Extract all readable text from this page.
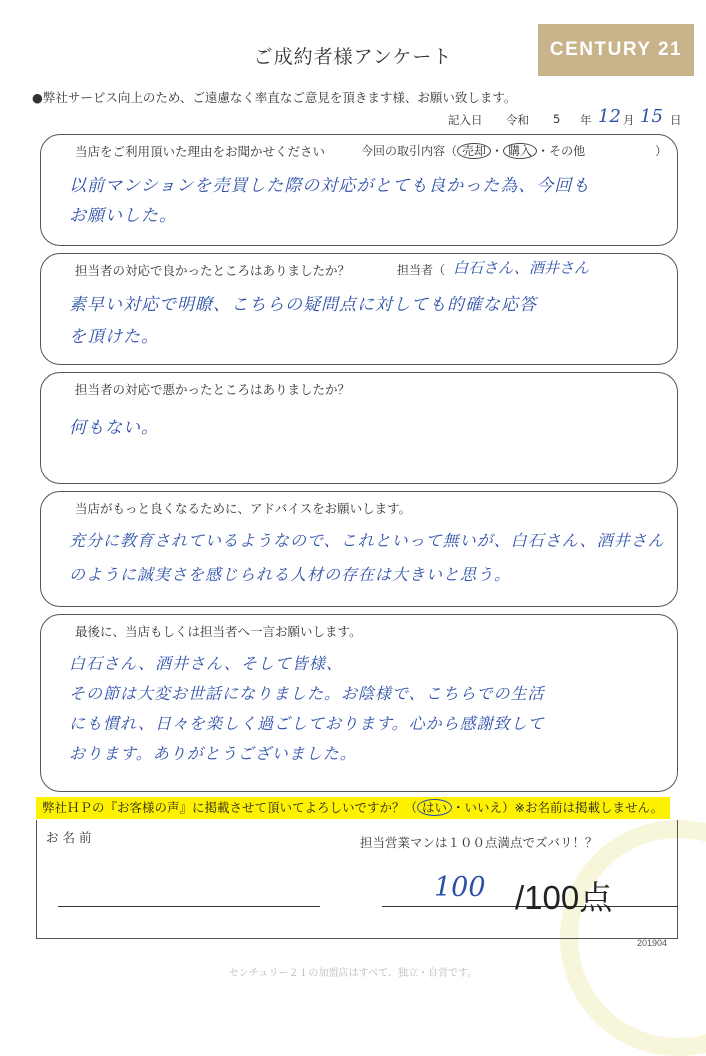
ご成約者様アンケート	CENTURY 21
●弊社サービス向上のため、ご遠慮なく率直なご意見を頂きます様、お願い致します。
記入日 令和 5 年 12 月 15 日
当店をご利用頂いた理由をお聞かせください	今回の取引内容（ 売却 ・ 購入 ・その他	）
以前マンションを売買した際の対応がとても良かった為、今回も
お願いした。
担当者の対応で良かったところはありましたか？	担当者（ 白石さん、酒井さん
素早い対応で明瞭、こちらの疑問点に対しても的確な応答
を頂けた。
担当者の対応で悪かったところはありましたか？
何もない。
当店がもっと良くなるために、アドバイスをお願いします。
充分に教育されているようなので、これといって無いが、白石さん、酒井さん
のように誠実さを感じられる人材の存在は大きいと思う。
最後に、当店もしくは担当者へ一言お願いします。
白石さん、酒井さん、そして皆様、
その節は大変お世話になりました。お陰様で、こちらでの生活
にも慣れ、日々を楽しく過ごしております。心から感謝致して
おります。ありがとうございました。
弊社ＨＰの『お客様の声』に掲載させて頂いてよろしいですか？（ はい ・いいえ）※お名前は掲載しません。
お名前	担当営業マンは１００点満点でズバリ！？
100 /100点
201904
センチュリー２１の加盟店はすべて、独立・自営です。
